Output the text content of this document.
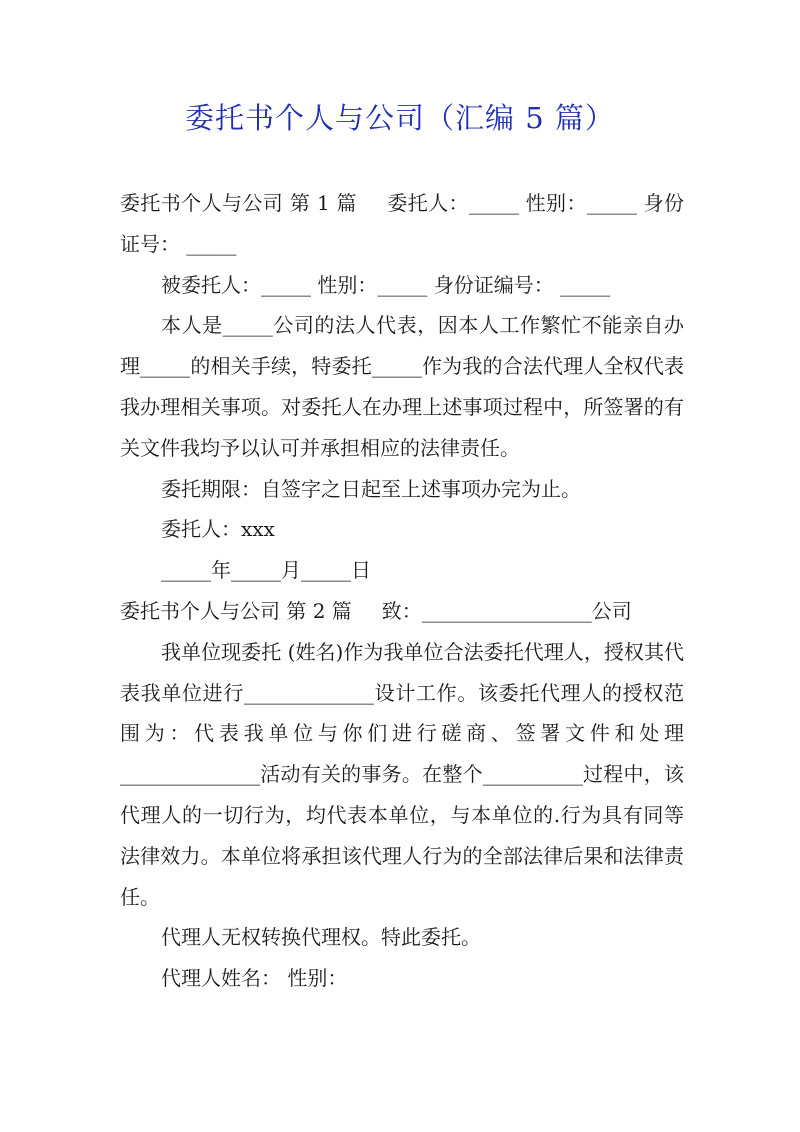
委托书个人与公司（汇编 5 篇）

委托书个人与公司 第 1 篇 委托人：_____ 性别：_____ 身份证号： _____

被委托人：_____ 性别：_____ 身份证编号： _____

本人是_____公司的法人代表，因本人工作繁忙不能亲自办理_____的相关手续，特委托_____作为我的合法代理人全权代表我办理相关事项。对委托人在办理上述事项过程中，所签署的有关文件我均予以认可并承担相应的法律责任。

委托期限：自签字之日起至上述事项办完为止。

委托人：xxx

_____年_____月_____日

委托书个人与公司 第 2 篇 致：_________________公司

我单位现委托 (姓名)作为我单位合法委托代理人，授权其代表我单位进行_____________设计工作。该委托代理人的授权范围为：代表我单位与你们进行磋商、签署文件和处理______________活动有关的事务。在整个__________过程中，该代理人的一切行为，均代表本单位，与本单位的.行为具有同等法律效力。本单位将承担该代理人行为的全部法律后果和法律责任。

代理人无权转换代理权。特此委托。

代理人姓名： 性别：
